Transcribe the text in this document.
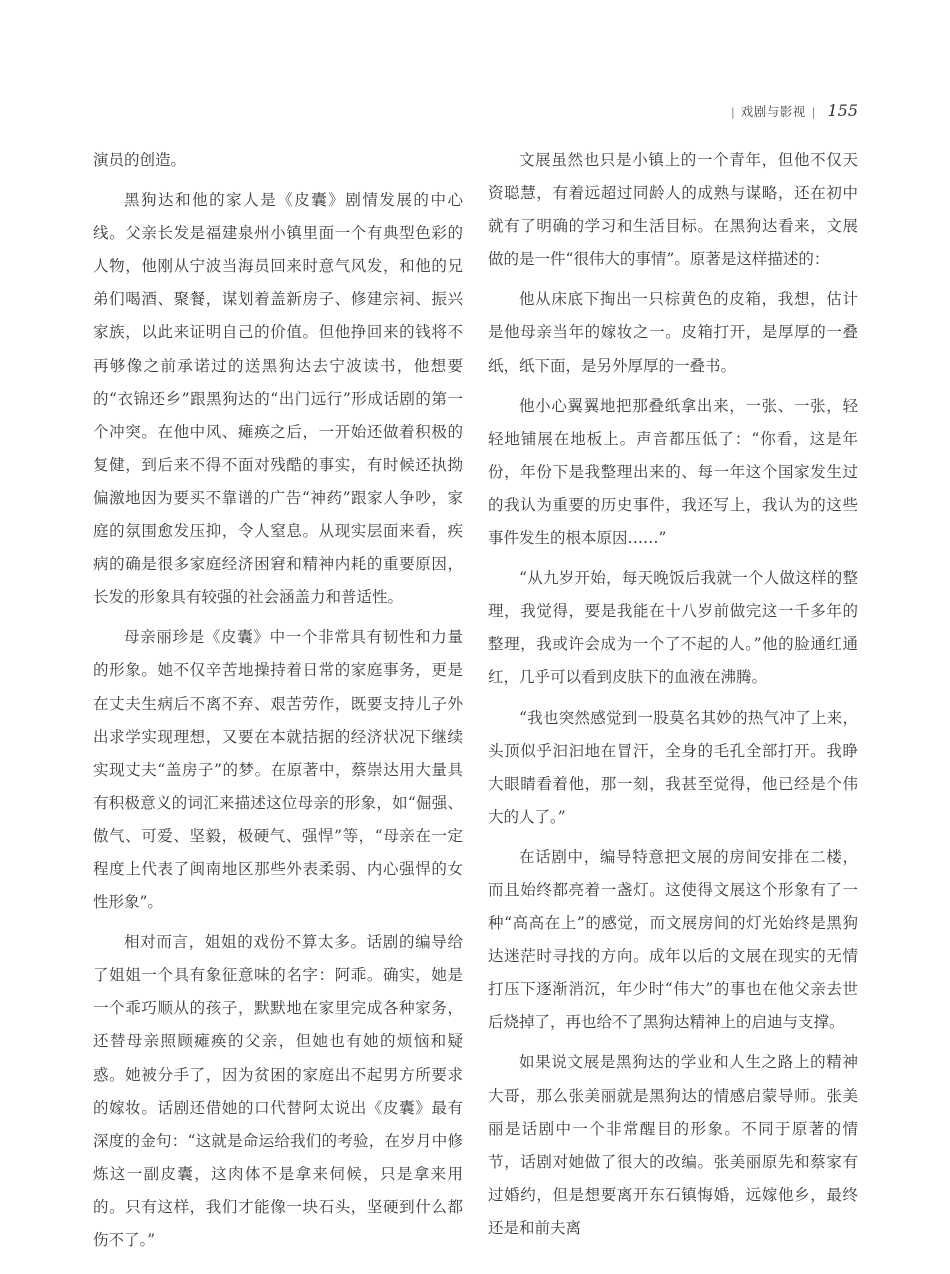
| 戏剧与影视 | 155

演员的创造。

黑狗达和他的家人是《皮囊》剧情发展的中心线。父亲长发是福建泉州小镇里面一个有典型色彩的人物，他刚从宁波当海员回来时意气风发，和他的兄弟们喝酒、聚餐，谋划着盖新房子、修建宗祠、振兴家族，以此来证明自己的价值。但他挣回来的钱将不再够像之前承诺过的送黑狗达去宁波读书，他想要的“衣锦还乡”跟黑狗达的“出门远行”形成话剧的第一个冲突。在他中风、瘫痪之后，一开始还做着积极的复健，到后来不得不面对残酷的事实，有时候还执拗偏激地因为要买不靠谱的广告“神药”跟家人争吵，家庭的氛围愈发压抑，令人窒息。从现实层面来看，疾病的确是很多家庭经济困窘和精神内耗的重要原因，长发的形象具有较强的社会涵盖力和普适性。

母亲丽珍是《皮囊》中一个非常具有韧性和力量的形象。她不仅辛苦地操持着日常的家庭事务，更是在丈夫生病后不离不弃、艰苦劳作，既要支持儿子外出求学实现理想，又要在本就拮据的经济状况下继续实现丈夫“盖房子”的梦。在原著中，蔡崇达用大量具有积极意义的词汇来描述这位母亲的形象，如“倔强、傲气、可爱、坚毅，极硬气、强悍”等，“母亲在一定程度上代表了闽南地区那些外表柔弱、内心强悍的女性形象”。

相对而言，姐姐的戏份不算太多。话剧的编导给了姐姐一个具有象征意味的名字：阿乖。确实，她是一个乖巧顺从的孩子，默默地在家里完成各种家务，还替母亲照顾瘫痪的父亲，但她也有她的烦恼和疑惑。她被分手了，因为贫困的家庭出不起男方所要求的嫁妆。话剧还借她的口代替阿太说出《皮囊》最有深度的金句：“这就是命运给我们的考验，在岁月中修炼这一副皮囊，这肉体不是拿来伺候，只是拿来用的。只有这样，我们才能像一块石头，坚硬到什么都伤不了。”

文展虽然也只是小镇上的一个青年，但他不仅天资聪慧，有着远超过同龄人的成熟与谋略，还在初中就有了明确的学习和生活目标。在黑狗达看来，文展做的是一件“很伟大的事情”。原著是这样描述的：

他从床底下掏出一只棕黄色的皮箱，我想，估计是他母亲当年的嫁妆之一。皮箱打开，是厚厚的一叠纸，纸下面，是另外厚厚的一叠书。

他小心翼翼地把那叠纸拿出来，一张、一张，轻轻地铺展在地板上。声音都压低了：“你看，这是年份，年份下是我整理出来的、每一年这个国家发生过的我认为重要的历史事件，我还写上，我认为的这些事件发生的根本原因……”

“从九岁开始，每天晚饭后我就一个人做这样的整理，我觉得，要是我能在十八岁前做完这一千多年的整理，我或许会成为一个了不起的人。”他的脸通红通红，几乎可以看到皮肤下的血液在沸腾。

“我也突然感觉到一股莫名其妙的热气冲了上来，头顶似乎汩汩地在冒汗，全身的毛孔全部打开。我睁大眼睛看着他，那一刻，我甚至觉得，他已经是个伟大的人了。”

在话剧中，编导特意把文展的房间安排在二楼，而且始终都亮着一盏灯。这使得文展这个形象有了一种“高高在上”的感觉，而文展房间的灯光始终是黑狗达迷茫时寻找的方向。成年以后的文展在现实的无情打压下逐渐消沉，年少时“伟大”的事也在他父亲去世后烧掉了，再也给不了黑狗达精神上的启迪与支撑。

如果说文展是黑狗达的学业和人生之路上的精神大哥，那么张美丽就是黑狗达的情感启蒙导师。张美丽是话剧中一个非常醒目的形象。不同于原著的情节，话剧对她做了很大的改编。张美丽原先和蔡家有过婚约，但是想要离开东石镇悔婚，远嫁他乡，最终还是和前夫离
